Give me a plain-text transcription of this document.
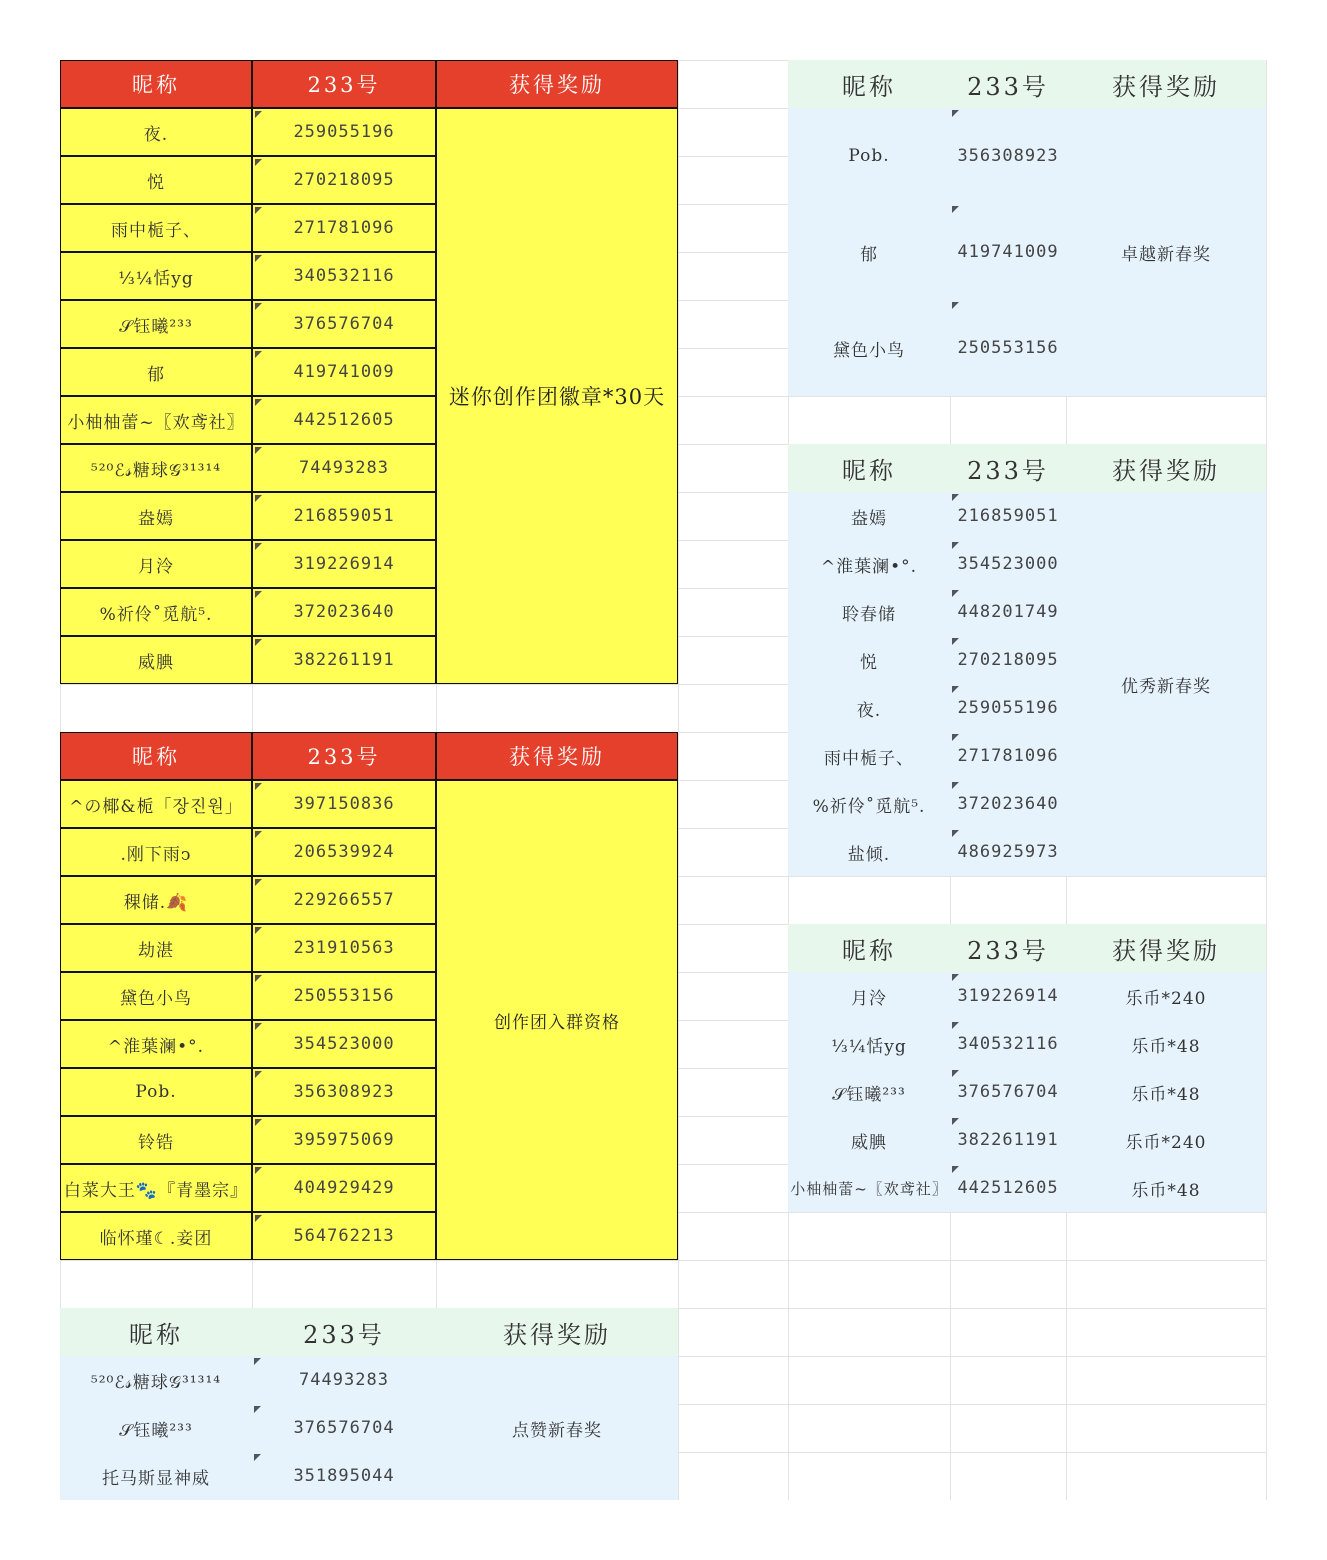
昵称	233号	获得奖励
夜.	259055196
悦	270218095
雨中栀子、	271781096
⅓¼恬yg	340532116
𝒮钰曦²³³	376576704
郁	419741009
小柚柚蕾~〖欢鸢社〗	442512605
⁵²⁰ℰ𝓈糖球𝒢³¹³¹⁴	74493283
盎嫣	216859051
月泠	319226914
%祈伶˚觅航⁵.	372023640
威腆	382261191
迷你创作团徽章*30天
昵称	233号	获得奖励
^の椰&栀「장진원」	397150836
.刚下雨ↄ	206539924
稞储.🍂	229266557
劫湛	231910563
黛色小鸟	250553156
^淮葉澜•°.	354523000
Pob.	356308923
铃锆	395975069
白菜大王🐾『青墨宗』	404929429
临怀瑾☾.妾团	564762213
创作团入群资格
昵称	233号	获得奖励
⁵²⁰ℰ𝓈糖球𝒢³¹³¹⁴	74493283
𝒮钰曦²³³	376576704
托马斯显神威	351895044
点赞新春奖
昵称	233号	获得奖励
Pob.	356308923
郁	419741009
黛色小鸟	250553156
卓越新春奖
昵称	233号	获得奖励
盎嫣	216859051
^淮葉澜•°. 354523000
聆春储	448201749
悦	270218095
夜.	259055196
雨中栀子、	271781096
%祈伶˚觅航⁵. 372023640
盐倾.	486925973
优秀新春奖
昵称	233号	获得奖励
月泠	319226914	乐币*240
⅓¼恬yg	340532116	乐币*48
𝒮钰曦²³³	376576704	乐币*48
威腆	382261191	乐币*240
小柚柚蕾~〖欢鸢社〗 442512605	乐币*48
